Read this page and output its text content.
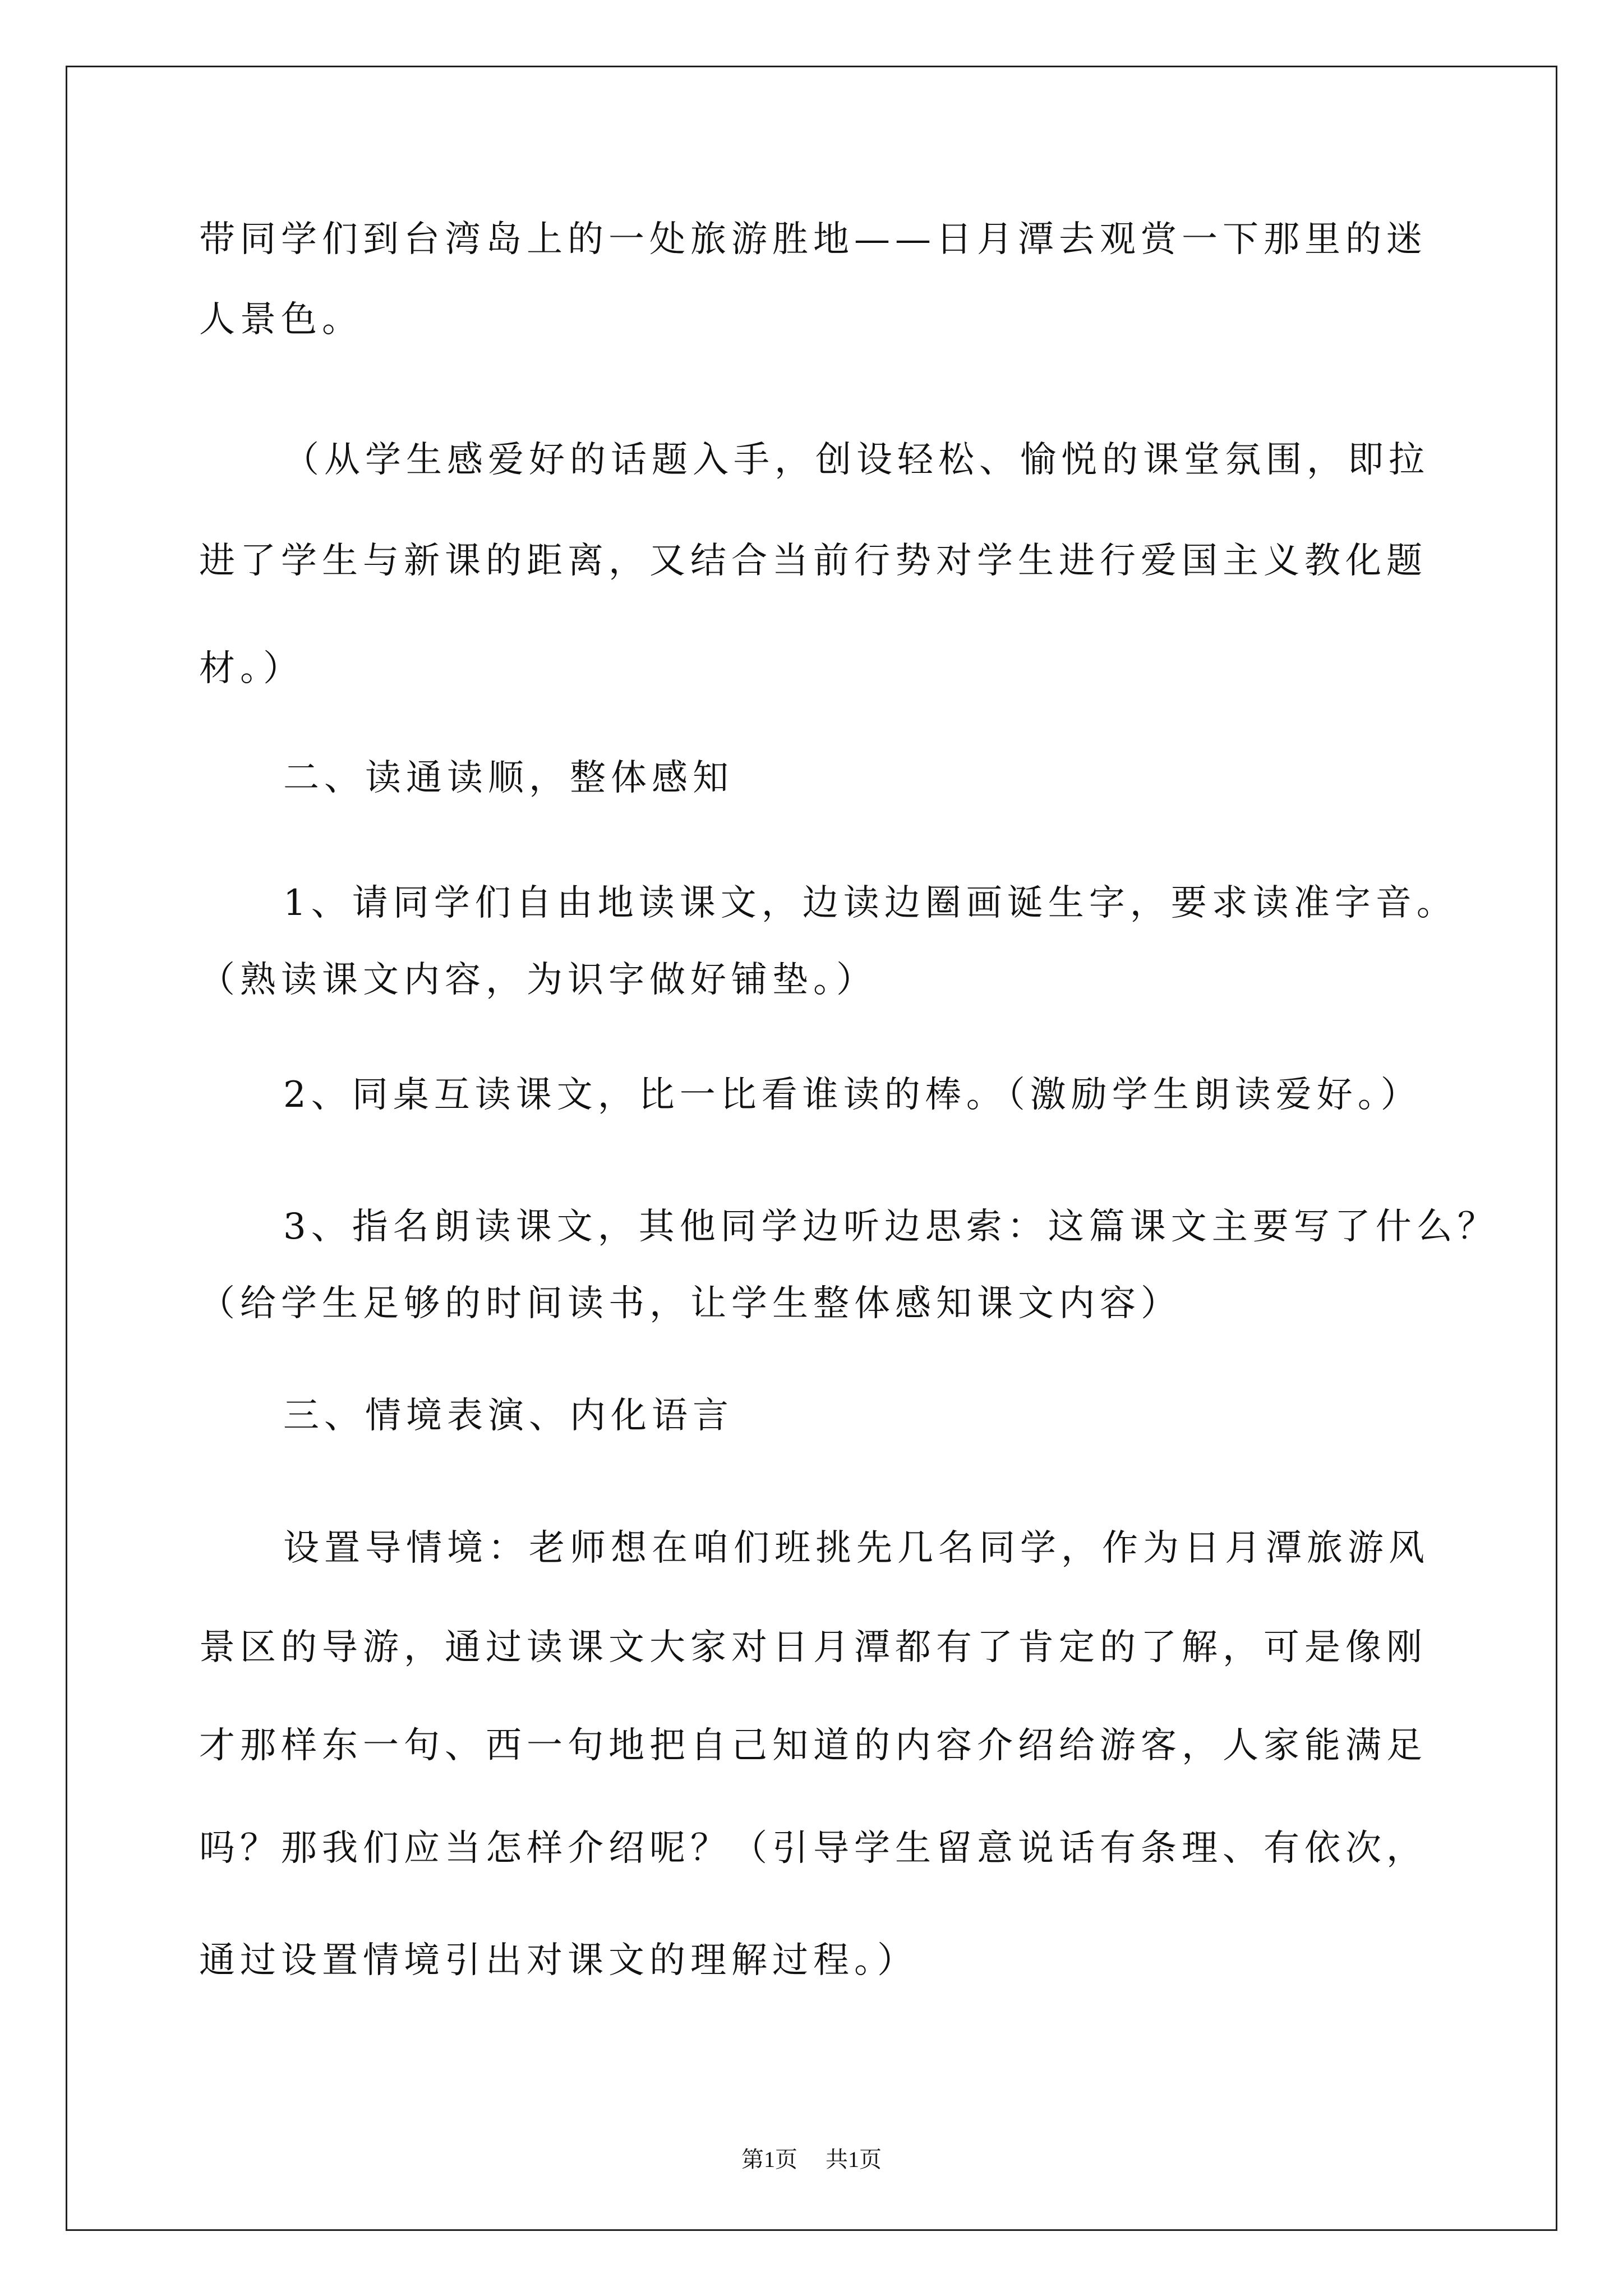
带同学们到台湾岛上的一处旅游胜地——日月潭去观赏一下那里的迷
人景色。
（从学生感爱好的话题入手，创设轻松、愉悦的课堂氛围，即拉
进了学生与新课的距离，又结合当前行势对学生进行爱国主义教化题
材。）
二、读通读顺，整体感知
1、请同学们自由地读课文，边读边圈画诞生字，要求读准字音。
（熟读课文内容，为识字做好铺垫。）
2、同桌互读课文，比一比看谁读的棒。（激励学生朗读爱好。）
3、指名朗读课文，其他同学边听边思索：这篇课文主要写了什么？
（给学生足够的时间读书，让学生整体感知课文内容）
三、情境表演、内化语言
设置导情境：老师想在咱们班挑先几名同学，作为日月潭旅游风
景区的导游，通过读课文大家对日月潭都有了肯定的了解，可是像刚
才那样东一句、西一句地把自己知道的内容介绍给游客，人家能满足
吗？那我们应当怎样介绍呢？（引导学生留意说话有条理、有依次，
通过设置情境引出对课文的理解过程。）
第1页 共1页
